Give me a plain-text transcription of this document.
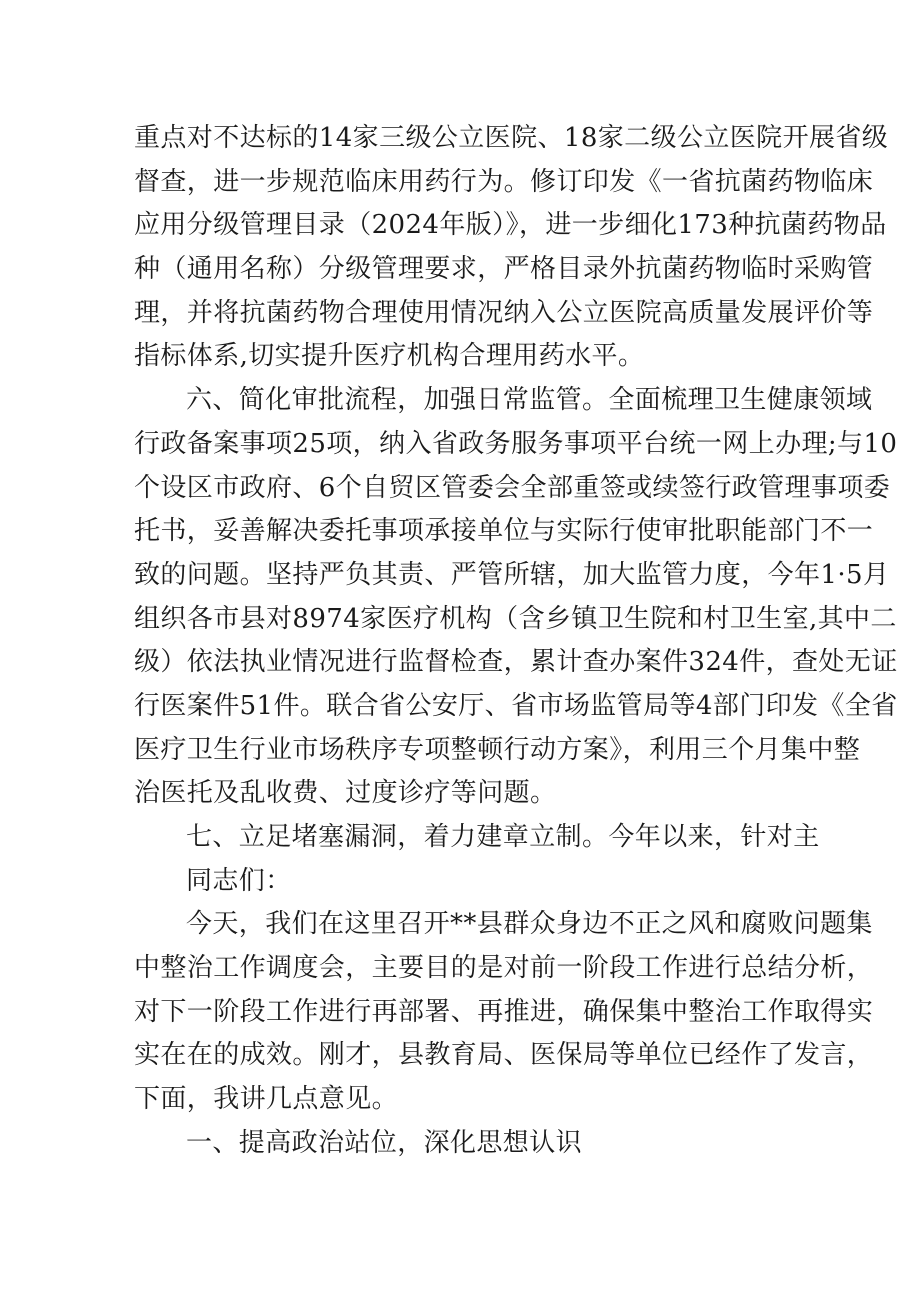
重点对不达标的14家三级公立医院、18家二级公立医院开展省级
督查，进一步规范临床用药行为。修订印发《一省抗菌药物临床
应用分级管理目录（2024年版）》，进一步细化173种抗菌药物品
种（通用名称）分级管理要求，严格目录外抗菌药物临时采购管
理，并将抗菌药物合理使用情况纳入公立医院高质量发展评价等
指标体系,切实提升医疗机构合理用药水平。
六、简化审批流程，加强日常监管。全面梳理卫生健康领域
行政备案事项25项，纳入省政务服务事项平台统一网上办理;与10
个设区市政府、6个自贸区管委会全部重签或续签行政管理事项委
托书，妥善解决委托事项承接单位与实际行使审批职能部门不一
致的问题。坚持严负其责、严管所辖，加大监管力度，今年1·5月
组织各市县对8974家医疗机构（含乡镇卫生院和村卫生室,其中二
级）依法执业情况进行监督检查，累计查办案件324件，查处无证
行医案件51件。联合省公安厅、省市场监管局等4部门印发《全省
医疗卫生行业市场秩序专项整顿行动方案》，利用三个月集中整
治医托及乱收费、过度诊疗等问题。
七、立足堵塞漏洞，着力建章立制。今年以来，针对主
同志们：
今天，我们在这里召开**县群众身边不正之风和腐败问题集
中整治工作调度会，主要目的是对前一阶段工作进行总结分析，
对下一阶段工作进行再部署、再推进，确保集中整治工作取得实
实在在的成效。刚才，县教育局、医保局等单位已经作了发言，
下面，我讲几点意见。
一、提高政治站位，深化思想认识
